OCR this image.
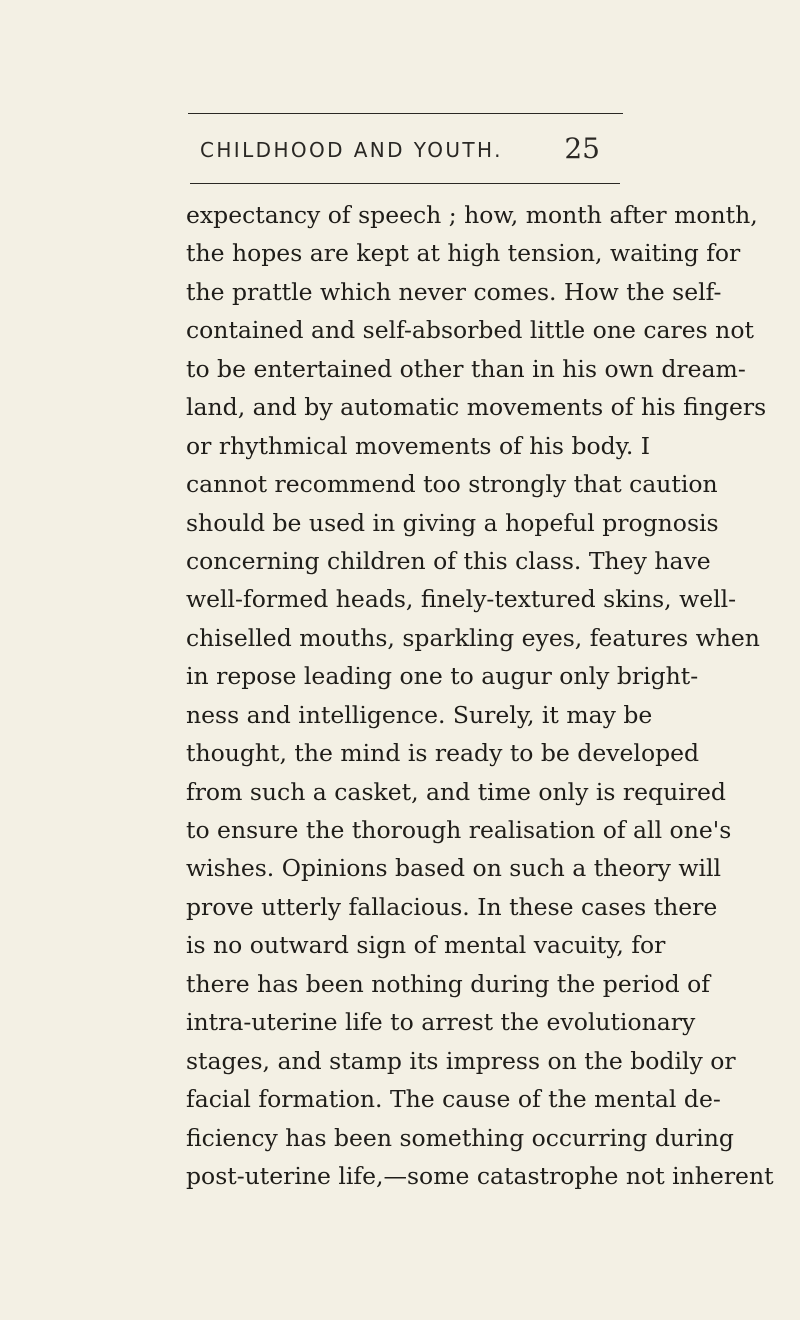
CHILDHOOD AND YOUTH. 25
expectancy of speech ; how, month after month,
the hopes are kept at high tension, waiting for
the prattle which never comes. How the self-
contained and self-absorbed little one cares not
to be entertained other than in his own dream-
land, and by automatic movements of his fingers
or rhythmical movements of his body. I
cannot recommend too strongly that caution
should be used in giving a hopeful prognosis
concerning children of this class. They have
well-formed heads, finely-textured skins, well-
chiselled mouths, sparkling eyes, features when
in repose leading one to augur only bright-
ness and intelligence. Surely, it may be
thought, the mind is ready to be developed
from such a casket, and time only is required
to ensure the thorough realisation of all one's
wishes. Opinions based on such a theory will
prove utterly fallacious. In these cases there
is no outward sign of mental vacuity, for
there has been nothing during the period of
intra-uterine life to arrest the evolutionary
stages, and stamp its impress on the bodily or
facial formation. The cause of the mental de-
ficiency has been something occurring during
post-uterine life,—some catastrophe not inherent
